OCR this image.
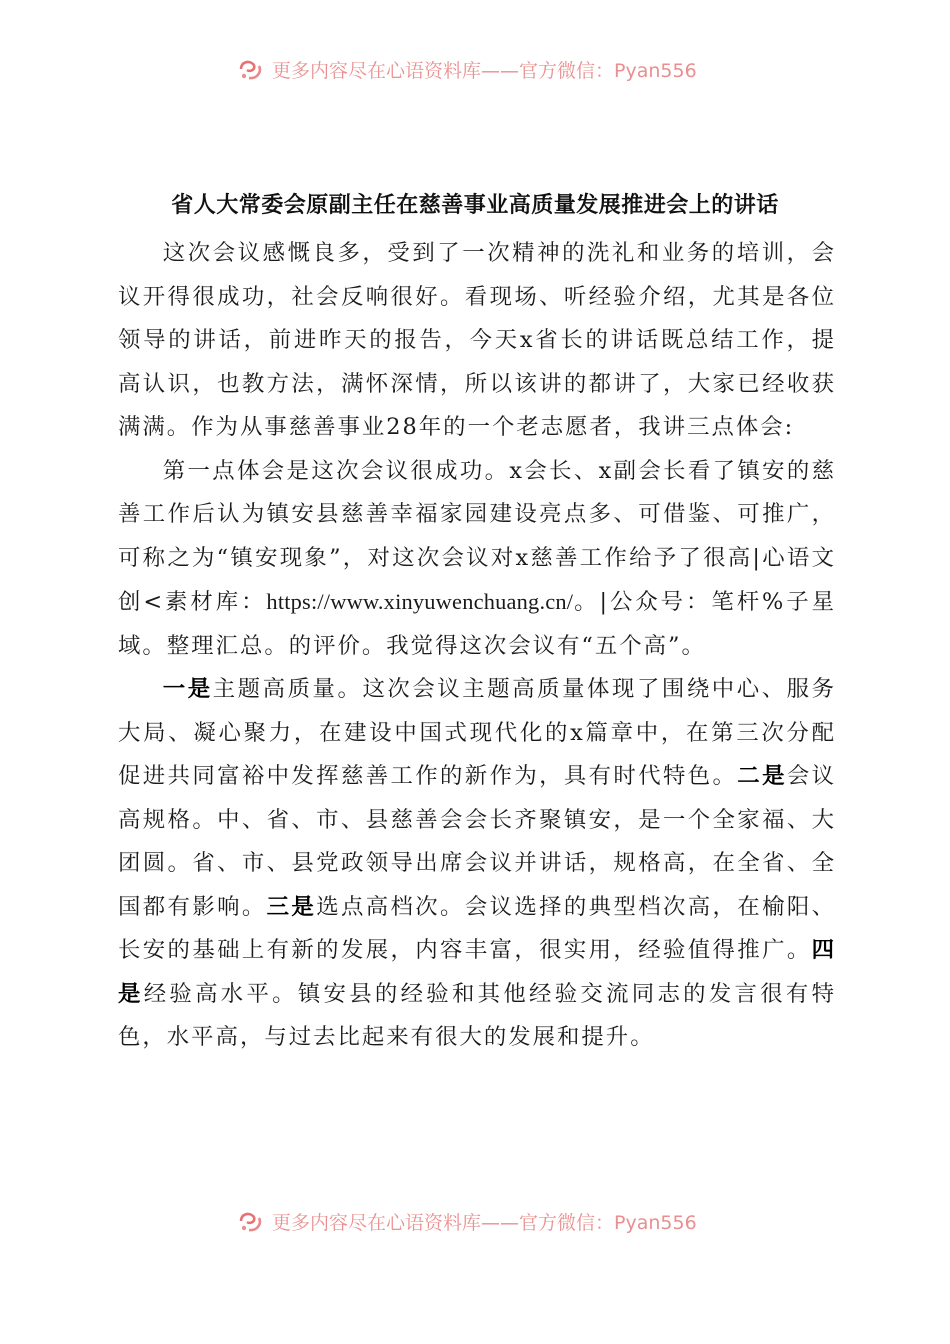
更多内容尽在心语资料库——官方微信：Pyan556
省人大常委会原副主任在慈善事业高质量发展推进会上的讲话

这次会议感慨良多，受到了一次精神的洗礼和业务的培训，会议开得很成功，社会反响很好。看现场、听经验介绍，尤其是各位领导的讲话，前进昨天的报告，今天x省长的讲话既总结工作，提高认识，也教方法，满怀深情，所以该讲的都讲了，大家已经收获满满。作为从事慈善事业28年的一个老志愿者，我讲三点体会:

第一点体会是这次会议很成功。x会长、x副会长看了镇安的慈善工作后认为镇安县慈善幸福家园建设亮点多、可借鉴、可推广，可称之为“镇安现象”，对这次会议对x慈善工作给予了很高|心语文创<素材库：https://www.xinyuwenchuang.cn/。|公众号：笔杆%子星域。整理汇总。的评价。我觉得这次会议有“五个高”。

一是主题高质量。这次会议主题高质量体现了围绕中心、服务大局、凝心聚力，在建设中国式现代化的x篇章中，在第三次分配促进共同富裕中发挥慈善工作的新作为，具有时代特色。二是会议高规格。中、省、市、县慈善会会长齐聚镇安，是一个全家福、大团圆。省、市、县党政领导出席会议并讲话，规格高，在全省、全国都有影响。三是选点高档次。会议选择的典型档次高，在榆阳、长安的基础上有新的发展，内容丰富，很实用，经验值得推广。四是经验高水平。镇安县的经验和其他经验交流同志的发言很有特色，水平高，与过去比起来有很大的发展和提升。

更多内容尽在心语资料库——官方微信：Pyan556
